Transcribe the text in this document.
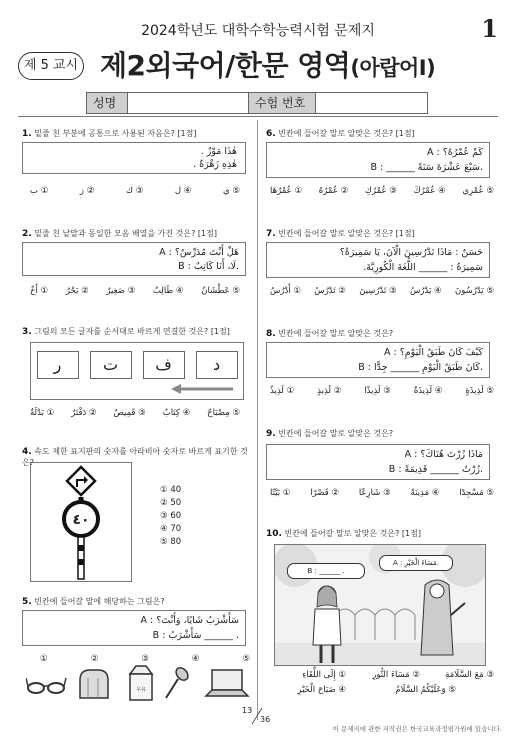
2024학년도 대학수학능력시험 문제지	1
제 5 교시 제2외국어/한문 영역(아랍어Ⅰ)
성명	수험 번호
1. 밑줄 친 부분에 공통으로 사용된 자음은? [1점]
هٰذَا مَوْزٌ .
هٰذِهِ زَهْرَةٌ .
① ب	② ز	③ ك	④ ل	⑤ ي
2. 밑줄 친 낱말과 동일한 모음 배열을 가진 것은? [1점]
A : هَلْ أَنْتَ مُدَرِّسٌ؟
B : لَا، أَنَا كَاتِبٌ.
① أَخٌ ② بَحْرٌ ③ صَغِيرٌ ④ طَالِبٌ ⑤ عَطْشَانُ
3. 그림의 모든 글자를 순서대로 바르게 연결한 것은? [1점]
د
ف
ت
ر
① بَدْلَةٌ ② دَفْتَرٌ ③ قَمِيصٌ ④ كِتَابٌ ⑤ مِصْبَاحٌ
4. 속도 제한 표지판의 숫자를 아라비아 숫자로 바르게 표기한 것은?
٤٠
① 40
② 50
③ 60
④ 70
⑤ 80
5. 빈칸에 들어갈 말에 해당하는 그림은?
A : سَأَشْرَبُ شَايًا، وَأَنْتَ؟
B : سَأَشْرَبُ ______ .
①	②	③	④	⑤
우유
6. 빈칸에 들어갈 말로 알맞은 것은? [1점]
A : كَمْ عُمْرُهُ؟
B : ______ سَبْعَ عَشْرَةَ سَنَةً.
① عُمْرُهَا ② عُمْرُهُ ③ عُمْرُكِ ④ عُمْرُكَ ⑤ عُمْرِي
7. 빈칸에 들어갈 말로 알맞은 것은? [1점]
حَسَنٌ : مَاذَا تَدْرُسِينَ الْآنَ، يَا سَمِيرَةُ؟
سَمِيرَةُ : ______ اللُّغَةَ الْكُورِيَّةَ.
① أَدْرُسُ ② تَدْرُسُ ③ تَدْرُسِينَ ④ يَدْرُسُ ⑤ يَدْرُسُونَ
8. 빈칸에 들어갈 말로 알맞은 것은?
A : كَيْفَ كَانَ طَبَقُ الْيَوْمِ؟
B : كَانَ طَبَقُ الْيَوْمِ ______ جِدًّا.
① لَذِيذٌ	② لَذِيذٍ	③ لَذِيذًا	④ لَذِيذَةٌ	⑤ لَذِيذَةٍ
9. 빈칸에 들어갈 말로 알맞은 것은?
A : مَاذَا زُرْتَ هُنَاكَ؟
B : زُرْتُ ______ قَدِيمَةً.
① بَيْتًا ② قَصْرًا ③ شَارِعًا ④ مَدِينَةً ⑤ مَسْجِدًا
10. 빈칸에 들어갈 말로 알맞은 것은? [1점]
B : ______ .
A : مَسَاءَ الْخَيْرِ.
① إِلَى اللِّقَاءِ	② مَسَاءَ النُّورِ	③ مَعَ السَّلَامَةِ
④ صَبَاحَ الْخَيْرِ	⑤ وَعَلَيْكُمُ السَّلَامُ
13
36
이 문제지에 관한 저작권은 한국교육과정평가원에 있습니다.
